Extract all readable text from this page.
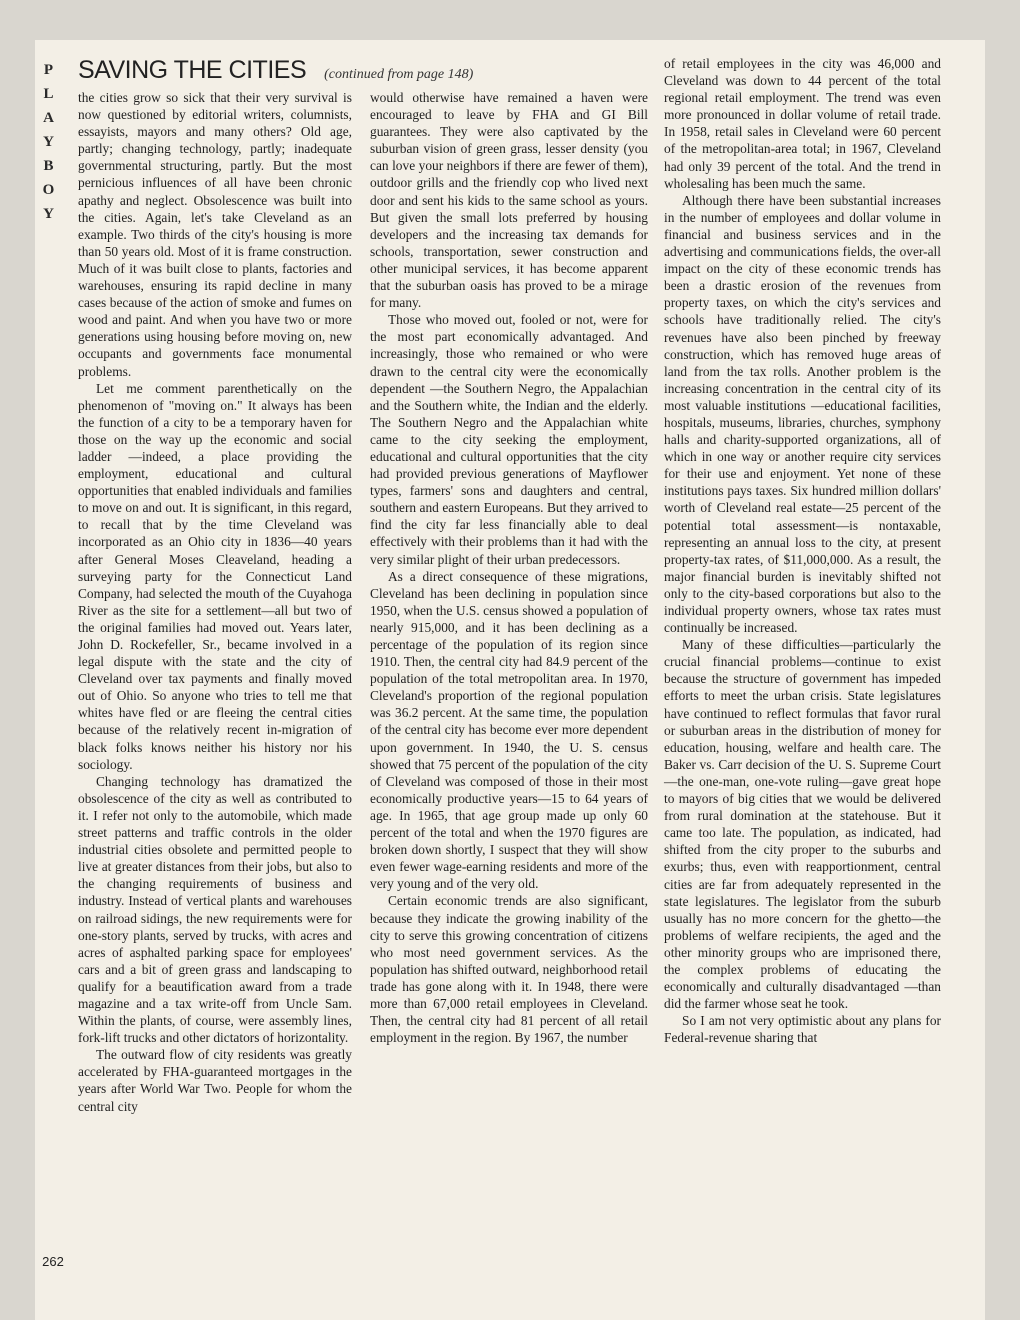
P
L
A
Y
B
O
Y
SAVING THE CITIES (continued from page 148)

the cities grow so sick that their very survival is now questioned by editorial writers, columnists, essayists, mayors and many others? Old age, partly; changing technology, partly; inadequate governmental structuring, partly. But the most pernicious influences of all have been chronic apathy and neglect. Obsolescence was built into the cities. Again, let's take Cleveland as an example. Two thirds of the city's housing is more than 50 years old. Most of it is frame construction. Much of it was built close to plants, factories and warehouses, ensuring its rapid decline in many cases because of the action of smoke and fumes on wood and paint. And when you have two or more generations using housing before moving on, new occupants and governments face monumental problems.

Let me comment parenthetically on the phenomenon of "moving on." It always has been the function of a city to be a temporary haven for those on the way up the economic and social ladder —indeed, a place providing the employment, educational and cultural opportunities that enabled individuals and families to move on and out. It is significant, in this regard, to recall that by the time Cleveland was incorporated as an Ohio city in 1836—40 years after General Moses Cleaveland, heading a surveying party for the Connecticut Land Company, had selected the mouth of the Cuyahoga River as the site for a settlement—all but two of the original families had moved out. Years later, John D. Rockefeller, Sr., became involved in a legal dispute with the state and the city of Cleveland over tax payments and finally moved out of Ohio. So anyone who tries to tell me that whites have fled or are fleeing the central cities because of the relatively recent in-migration of black folks knows neither his history nor his sociology.

Changing technology has dramatized the obsolescence of the city as well as contributed to it. I refer not only to the automobile, which made street patterns and traffic controls in the older industrial cities obsolete and permitted people to live at greater distances from their jobs, but also to the changing requirements of business and industry. Instead of vertical plants and warehouses on railroad sidings, the new requirements were for one-story plants, served by trucks, with acres and acres of asphalted parking space for employees' cars and a bit of green grass and landscaping to qualify for a beautification award from a trade magazine and a tax write-off from Uncle Sam. Within the plants, of course, were assembly lines, fork-lift trucks and other dictators of horizontality.

The outward flow of city residents was greatly accelerated by FHA-guaranteed mortgages in the years after World War Two. People for whom the central city

would otherwise have remained a haven were encouraged to leave by FHA and GI Bill guarantees. They were also captivated by the suburban vision of green grass, lesser density (you can love your neighbors if there are fewer of them), outdoor grills and the friendly cop who lived next door and sent his kids to the same school as yours. But given the small lots preferred by housing developers and the increasing tax demands for schools, transportation, sewer construction and other municipal services, it has become apparent that the suburban oasis has proved to be a mirage for many.

Those who moved out, fooled or not, were for the most part economically advantaged. And increasingly, those who remained or who were drawn to the central city were the economically dependent —the Southern Negro, the Appalachian and the Southern white, the Indian and the elderly. The Southern Negro and the Appalachian white came to the city seeking the employment, educational and cultural opportunities that the city had provided previous generations of Mayflower types, farmers' sons and daughters and central, southern and eastern Europeans. But they arrived to find the city far less financially able to deal effectively with their problems than it had with the very similar plight of their urban predecessors.

As a direct consequence of these migrations, Cleveland has been declining in population since 1950, when the U.S. census showed a population of nearly 915,000, and it has been declining as a percentage of the population of its region since 1910. Then, the central city had 84.9 percent of the population of the total metropolitan area. In 1970, Cleveland's proportion of the regional population was 36.2 percent. At the same time, the population of the central city has become ever more dependent upon government. In 1940, the U. S. census showed that 75 percent of the population of the city of Cleveland was composed of those in their most economically productive years—15 to 64 years of age. In 1965, that age group made up only 60 percent of the total and when the 1970 figures are broken down shortly, I suspect that they will show even fewer wage-earning residents and more of the very young and of the very old.

Certain economic trends are also significant, because they indicate the growing inability of the city to serve this growing concentration of citizens who most need government services. As the population has shifted outward, neighborhood retail trade has gone along with it. In 1948, there were more than 67,000 retail employees in Cleveland. Then, the central city had 81 percent of all retail employment in the region. By 1967, the number

of retail employees in the city was 46,000 and Cleveland was down to 44 percent of the total regional retail employment. The trend was even more pronounced in dollar volume of retail trade. In 1958, retail sales in Cleveland were 60 percent of the metropolitan-area total; in 1967, Cleveland had only 39 percent of the total. And the trend in wholesaling has been much the same.

Although there have been substantial increases in the number of employees and dollar volume in financial and business services and in the advertising and communications fields, the over-all impact on the city of these economic trends has been a drastic erosion of the revenues from property taxes, on which the city's services and schools have traditionally relied. The city's revenues have also been pinched by freeway construction, which has removed huge areas of land from the tax rolls. Another problem is the increasing concentration in the central city of its most valuable institutions —educational facilities, hospitals, museums, libraries, churches, symphony halls and charity-supported organizations, all of which in one way or another require city services for their use and enjoyment. Yet none of these institutions pays taxes. Six hundred million dollars' worth of Cleveland real estate—25 percent of the potential total assessment—is nontaxable, representing an annual loss to the city, at present property-tax rates, of $11,000,000. As a result, the major financial burden is inevitably shifted not only to the city-based corporations but also to the individual property owners, whose tax rates must continually be increased.

Many of these difficulties—particularly the crucial financial problems—continue to exist because the structure of government has impeded efforts to meet the urban crisis. State legislatures have continued to reflect formulas that favor rural or suburban areas in the distribution of money for education, housing, welfare and health care. The Baker vs. Carr decision of the U. S. Supreme Court—the one-man, one-vote ruling—gave great hope to mayors of big cities that we would be delivered from rural domination at the statehouse. But it came too late. The population, as indicated, had shifted from the city proper to the suburbs and exurbs; thus, even with reapportionment, central cities are far from adequately represented in the state legislatures. The legislator from the suburb usually has no more concern for the ghetto—the problems of welfare recipients, the aged and the other minority groups who are imprisoned there, the complex problems of educating the economically and culturally disadvantaged —than did the farmer whose seat he took.

So I am not very optimistic about any plans for Federal-revenue sharing that

262
